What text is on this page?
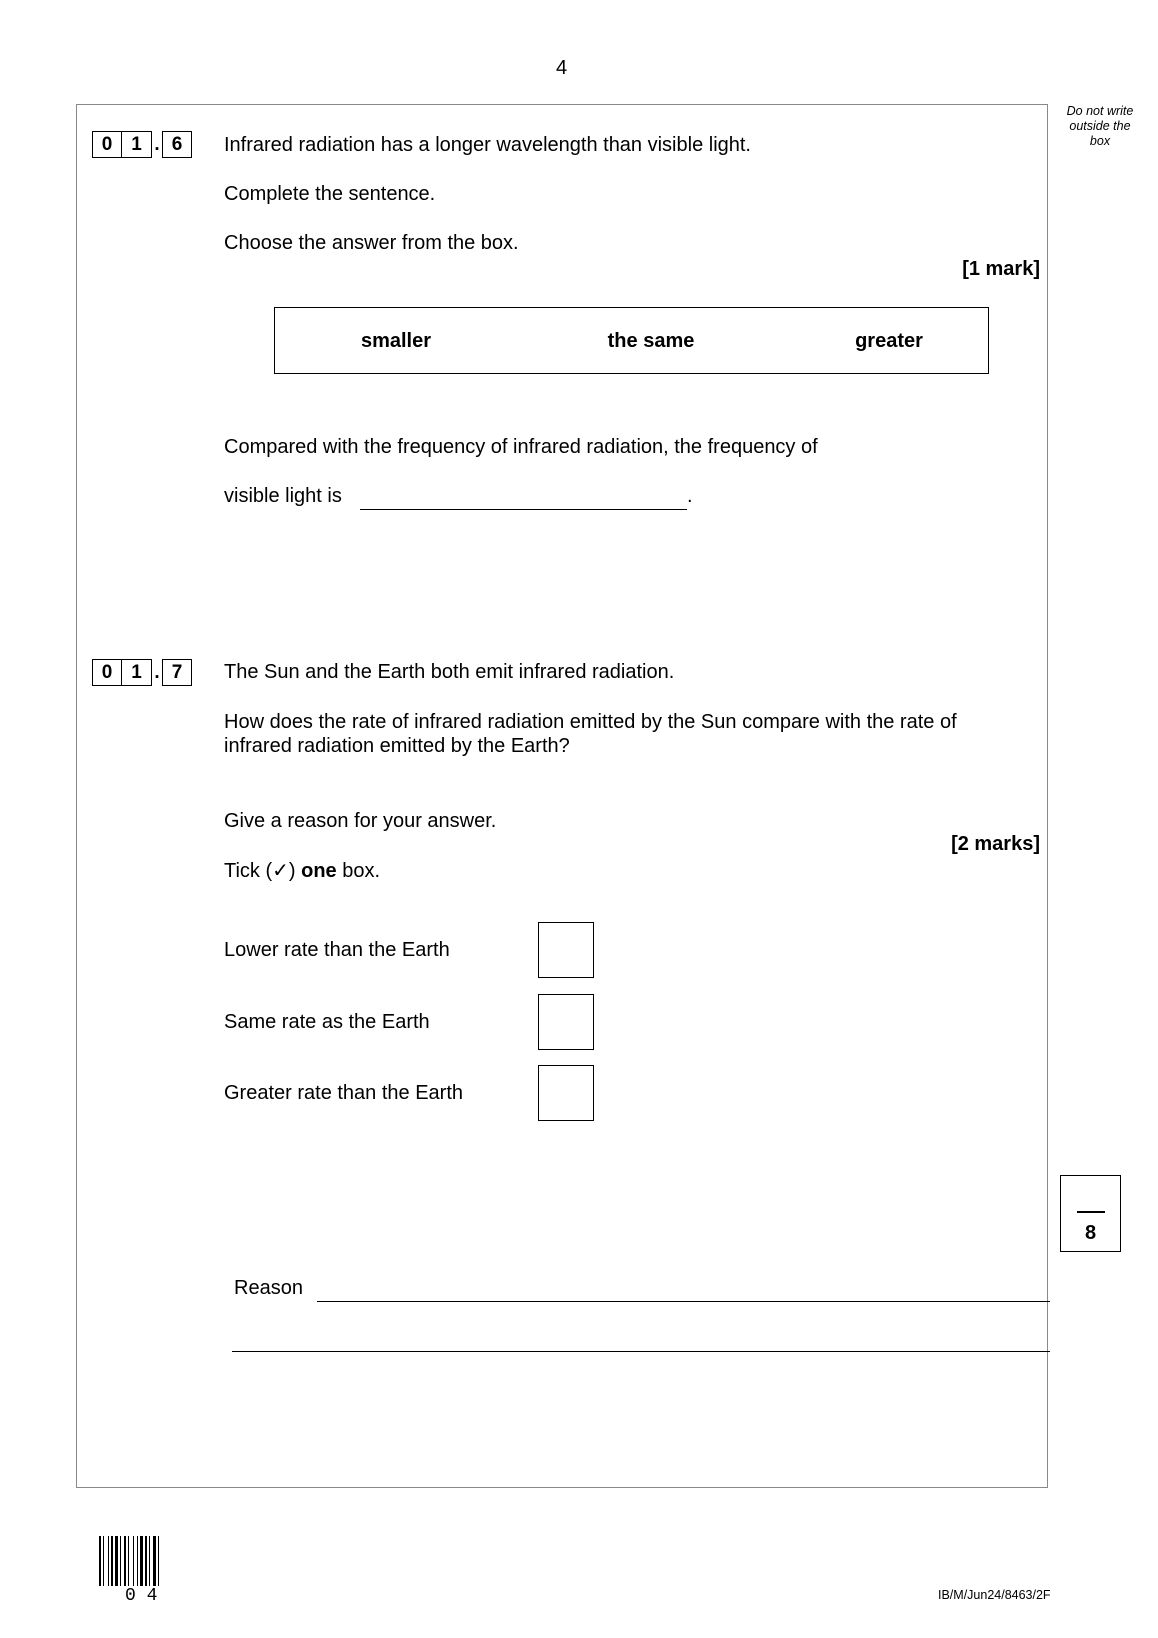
4
Do not write
outside the
box
0 1 . 6	Infrared radiation has a longer wavelength than visible light.
Complete the sentence.
Choose the answer from the box.
[1 mark]
smaller	the same	greater
Compared with the frequency of infrared radiation, the frequency of
visible light is	.
0 1 . 7	The Sun and the Earth both emit infrared radiation.
How does the rate of infrared radiation emitted by the Sun compare with the rate of
infrared radiation emitted by the Earth?
Give a reason for your answer.
[2 marks]
Tick (✓) one box.
Lower rate than the Earth
Same rate as the Earth
Greater rate than the Earth
8
Reason
0 4	IB/M/Jun24/8463/2F
